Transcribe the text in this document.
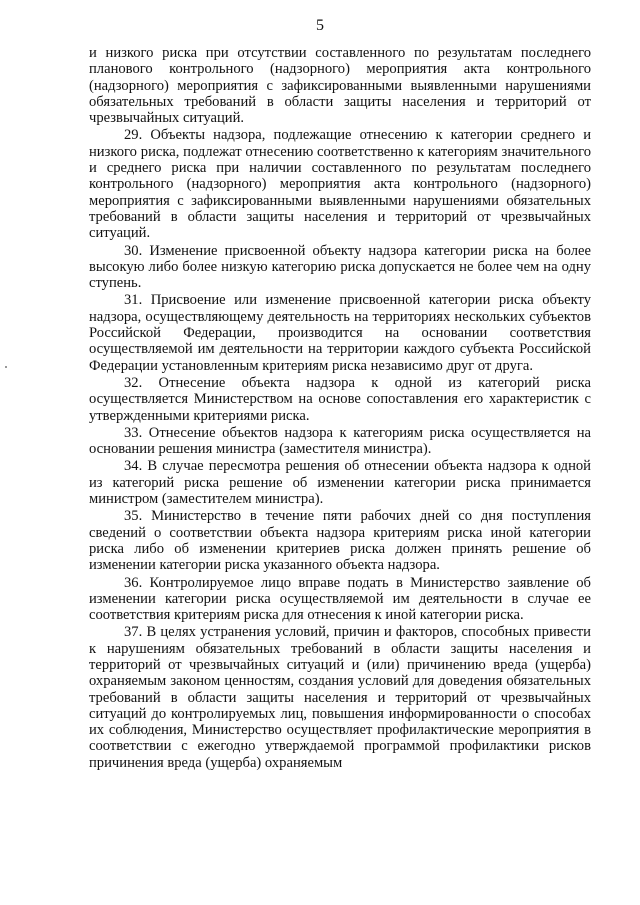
5

и низкого риска при отсутствии составленного по результатам последнего планового контрольного (надзорного) мероприятия акта контрольного (надзорного) мероприятия с зафиксированными выявленными нарушениями обязательных требований в области защиты населения и территорий от чрезвычайных ситуаций.

29. Объекты надзора, подлежащие отнесению к категории среднего и низкого риска, подлежат отнесению соответственно к категориям значительного и среднего риска при наличии составленного по результатам последнего контрольного (надзорного) мероприятия акта контрольного (надзорного) мероприятия с зафиксированными выявленными нарушениями обязательных требований в области защиты населения и территорий от чрезвычайных ситуаций.

30. Изменение присвоенной объекту надзора категории риска на более высокую либо более низкую категорию риска допускается не более чем на одну ступень.

31. Присвоение или изменение присвоенной категории риска объекту надзора, осуществляющему деятельность на территориях нескольких субъектов Российской Федерации, производится на основании соответствия осуществляемой им деятельности на территории каждого субъекта Российской Федерации установленным критериям риска независимо друг от друга.

32. Отнесение объекта надзора к одной из категорий риска осуществляется Министерством на основе сопоставления его характеристик с утвержденными критериями риска.

33. Отнесение объектов надзора к категориям риска осуществляется на основании решения министра (заместителя министра).

34. В случае пересмотра решения об отнесении объекта надзора к одной из категорий риска решение об изменении категории риска принимается министром (заместителем министра).

35. Министерство в течение пяти рабочих дней со дня поступления сведений о соответствии объекта надзора критериям риска иной категории риска либо об изменении критериев риска должен принять решение об изменении категории риска указанного объекта надзора.

36. Контролируемое лицо вправе подать в Министерство заявление об изменении категории риска осуществляемой им деятельности в случае ее соответствия критериям риска для отнесения к иной категории риска.

37. В целях устранения условий, причин и факторов, способных привести к нарушениям обязательных требований в области защиты населения и территорий от чрезвычайных ситуаций и (или) причинению вреда (ущерба) охраняемым законом ценностям, создания условий для доведения обязательных требований в области защиты населения и территорий от чрезвычайных ситуаций до контролируемых лиц, повышения информированности о способах их соблюдения, Министерство осуществляет профилактические мероприятия в соответствии с ежегодно утверждаемой программой профилактики рисков причинения вреда (ущерба) охраняемым
